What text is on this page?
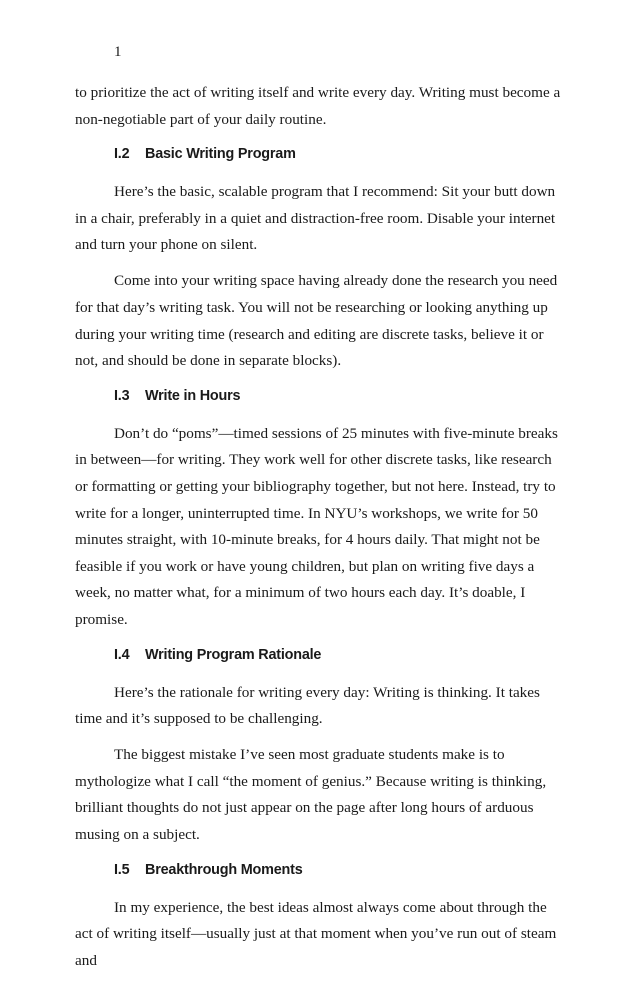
1

to prioritize the act of writing itself and write every day. Writing must become a non-negotiable part of your daily routine.

I.2 Basic Writing Program

Here’s the basic, scalable program that I recommend: Sit your butt down in a chair, preferably in a quiet and distraction-free room. Disable your internet and turn your phone on silent.

Come into your writing space having already done the research you need for that day’s writing task. You will not be researching or looking anything up during your writing time (research and editing are discrete tasks, believe it or not, and should be done in separate blocks).

I.3 Write in Hours

Don’t do “poms”—timed sessions of 25 minutes with five-minute breaks in between—for writing. They work well for other discrete tasks, like research or formatting or getting your bibliography together, but not here. Instead, try to write for a longer, uninterrupted time. In NYU’s workshops, we write for 50 minutes straight, with 10-minute breaks, for 4 hours daily. That might not be feasible if you work or have young children, but plan on writing five days a week, no matter what, for a minimum of two hours each day. It’s doable, I promise.

I.4 Writing Program Rationale

Here’s the rationale for writing every day: Writing is thinking. It takes time and it’s supposed to be challenging.

The biggest mistake I’ve seen most graduate students make is to mythologize what I call “the moment of genius.” Because writing is thinking, brilliant thoughts do not just appear on the page after long hours of arduous musing on a subject.

I.5 Breakthrough Moments

In my experience, the best ideas almost always come about through the act of writing itself—usually just at that moment when you’ve run out of steam and
